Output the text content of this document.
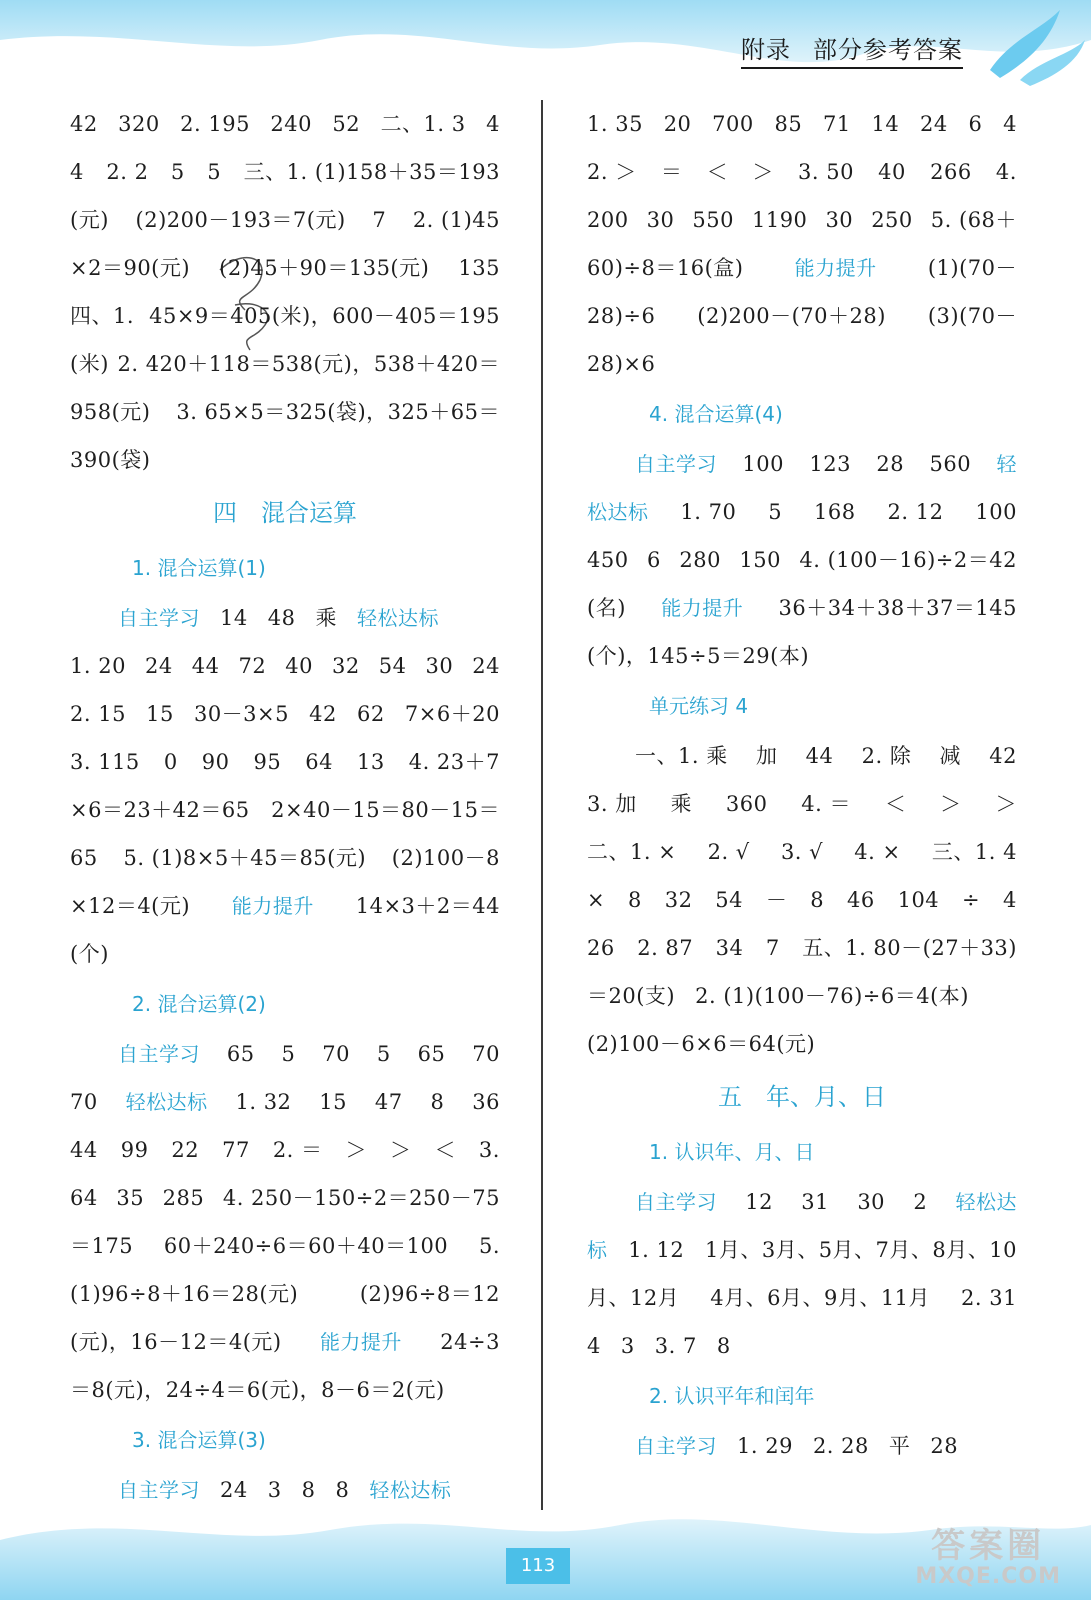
附录 部分参考答案
42 320 2. 195 240 52 二、1. 3 4
4 2. 2 5 5 三、1. (1)158＋35＝193
(元) (2)200－193＝7(元) 7 2. (1)45
×2＝90(元) (2)45＋90＝135(元) 135
四、1. 45×9＝405(米)，600－405＝195
(米) 2. 420＋118＝538(元)，538＋420＝
958(元) 3. 65×5＝325(袋)，325＋65＝
390(袋)
四　混合运算
1. 混合运算(1)
自主学习 14 48 乘 轻松达标
1. 20 24 44 72 40 32 54 30 24
2. 15 15 30－3×5 42 62 7×6＋20
3. 115 0 90 95 64 13 4. 23＋7
×6＝23＋42＝65 2×40－15＝80－15＝
65 5. (1)8×5＋45＝85(元) (2)100－8
×12＝4(元) 能力提升 14×3＋2＝44
(个)
2. 混合运算(2)
自主学习 65 5 70 5 65 70
70 轻松达标 1. 32 15 47 8 36
44 99 22 77 2. ＝ ＞ ＞ ＜ 3.
64 35 285 4. 250－150÷2＝250－75
＝175 60＋240÷6＝60＋40＝100 5.
(1)96÷8＋16＝28(元)	(2)96÷8＝12
(元)，16－12＝4(元) 能力提升 24÷3
＝8(元)，24÷4＝6(元)，8－6＝2(元)
3. 混合运算(3)
自主学习 24 3 8 8 轻松达标
1. 35 20 700 85 71 14 24 6 4
2. ＞ ＝ ＜ ＞ 3. 50 40 266 4.
200 30 550 1190 30 250 5. (68＋
60)÷8＝16(盒)	能力提升 (1)(70－
28)÷6 (2)200－(70＋28) (3)(70－
28)×6
4. 混合运算(4)
自主学习 100 123 28 560 轻
松达标 1. 70 5 168 2. 12 100
450 6 280 150 4. (100－16)÷2＝42
(名) 能力提升 36＋34＋38＋37＝145
(个)，145÷5＝29(本)
单元练习 4
一、1. 乘 加 44 2. 除 减 42
3. 加 乘 360 4. ＝ ＜ ＞ ＞
二、1. × 2. √ 3. √ 4. × 三、1. 4
× 8 32 54 － 8 46 104 ÷ 4
26 2. 87 34 7 五、1. 80－(27＋33)
＝20(支) 2. (1)(100－76)÷6＝4(本)
(2)100－6×6＝64(元)
五　年、月、日
1. 认识年、月、日
自主学习 12 31 30 2 轻松达
标 1. 12 1月、3月、5月、7月、8月、10
月、12月 4月、6月、9月、11月 2. 31
4 3 3. 7 8
2. 认识平年和闰年
自主学习 1. 29 2. 28 平 28
113	答案圈
MXQE.COM
